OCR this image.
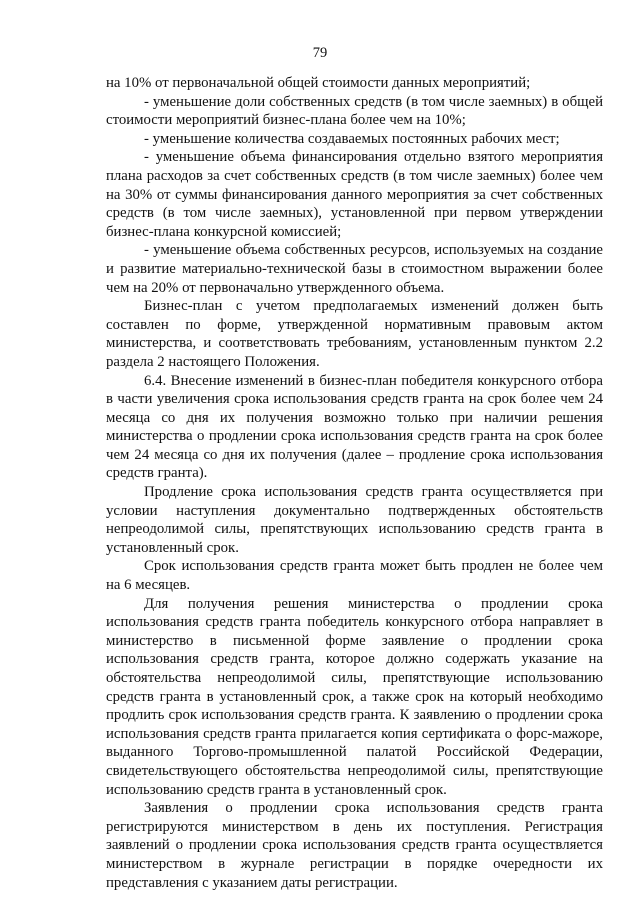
79

на 10% от первоначальной общей стоимости данных мероприятий;

- уменьшение доли собственных средств (в том числе заемных) в общей стоимости мероприятий бизнес-плана более чем на 10%;

- уменьшение количества создаваемых постоянных рабочих мест;

- уменьшение объема финансирования отдельно взятого мероприятия плана расходов за счет собственных средств (в том числе заемных) более чем на 30% от суммы финансирования данного мероприятия за счет собственных средств (в том числе заемных), установленной при первом утверждении бизнес-плана конкурсной комиссией;

- уменьшение объема собственных ресурсов, используемых на создание и развитие материально-технической базы в стоимостном выражении более чем на 20% от первоначально утвержденного объема.

Бизнес-план с учетом предполагаемых изменений должен быть составлен по форме, утвержденной нормативным правовым актом министерства, и соответствовать требованиям, установленным пунктом 2.2 раздела 2 настоящего Положения.

6.4. Внесение изменений в бизнес-план победителя конкурсного отбора в части увеличения срока использования средств гранта на срок более чем 24 месяца со дня их получения возможно только при наличии решения министерства о продлении срока использования средств гранта на срок более чем 24 месяца со дня их получения (далее – продление срока использования средств гранта).

Продление срока использования средств гранта осуществляется при условии наступления документально подтвержденных обстоятельств непреодолимой силы, препятствующих использованию средств гранта в установленный срок.

Срок использования средств гранта может быть продлен не более чем на 6 месяцев.

Для получения решения министерства о продлении срока использования средств гранта победитель конкурсного отбора направляет в министерство в письменной форме заявление о продлении срока использования средств гранта, которое должно содержать указание на обстоятельства непреодолимой силы, препятствующие использованию средств гранта в установленный срок, а также срок на который необходимо продлить срок использования средств гранта. К заявлению о продлении срока использования средств гранта прилагается копия сертификата о форс-мажоре, выданного Торгово-промышленной палатой Российской Федерации, свидетельствующего обстоятельства непреодолимой силы, препятствующие использованию средств гранта в установленный срок.

Заявления о продлении срока использования средств гранта регистрируются министерством в день их поступления. Регистрация заявлений о продлении срока использования средств гранта осуществляется министерством в журнале регистрации в порядке очередности их представления с указанием даты регистрации.
